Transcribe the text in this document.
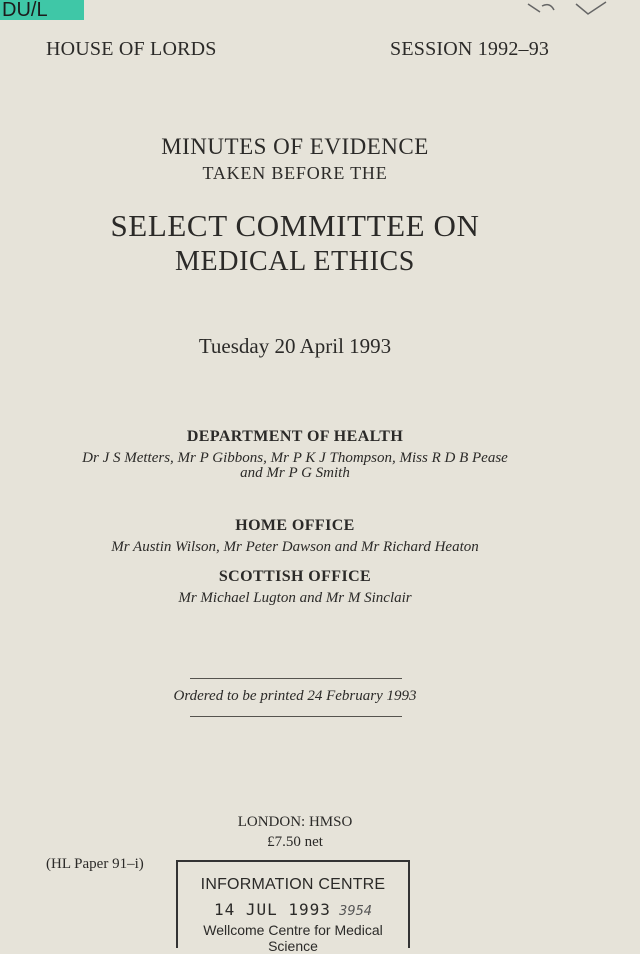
DU/L
HOUSE OF LORDS	SESSION 1992–93
MINUTES OF EVIDENCE
TAKEN BEFORE THE
SELECT COMMITTEE ON
MEDICAL ETHICS
Tuesday 20 April 1993
DEPARTMENT OF HEALTH
Dr J S Metters, Mr P Gibbons, Mr P K J Thompson, Miss R D B Pease
and Mr P G Smith
HOME OFFICE
Mr Austin Wilson, Mr Peter Dawson and Mr Richard Heaton
SCOTTISH OFFICE
Mr Michael Lugton and Mr M Sinclair
Ordered to be printed 24 February 1993
LONDON: HMSO
£7.50 net
(HL Paper 91–i)
INFORMATION CENTRE
14 JUL 1993 3954
Wellcome Centre for Medical Science
